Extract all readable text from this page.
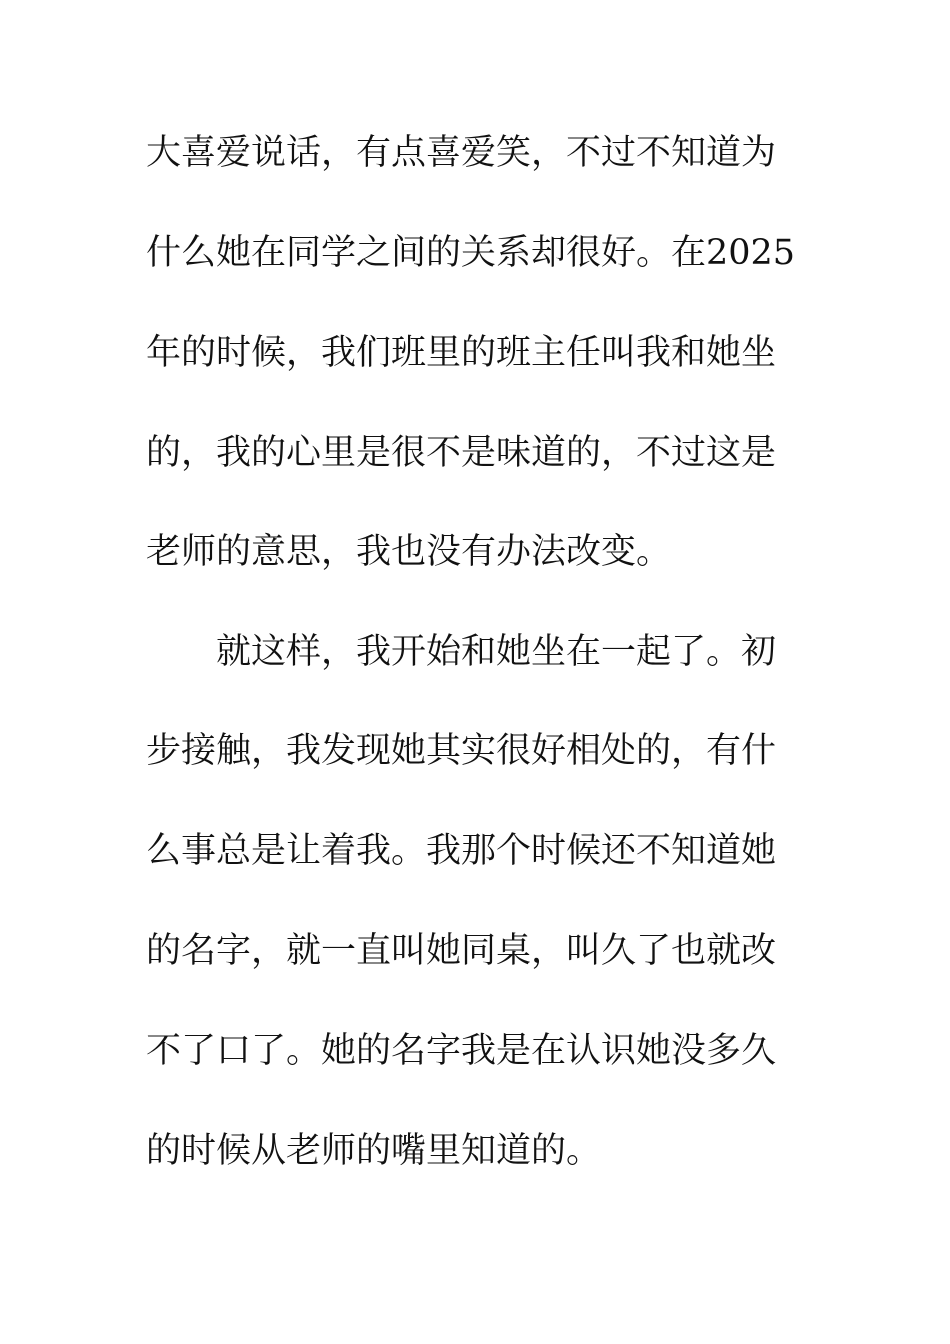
大喜爱说话，有点喜爱笑，不过不知道为
什么她在同学之间的关系却很好。在2025
年的时候，我们班里的班主任叫我和她坐
的，我的心里是很不是味道的，不过这是
老师的意思，我也没有办法改变。
就这样，我开始和她坐在一起了。初
步接触，我发现她其实很好相处的，有什
么事总是让着我。我那个时候还不知道她
的名字，就一直叫她同桌，叫久了也就改
不了口了。她的名字我是在认识她没多久
的时候从老师的嘴里知道的。
